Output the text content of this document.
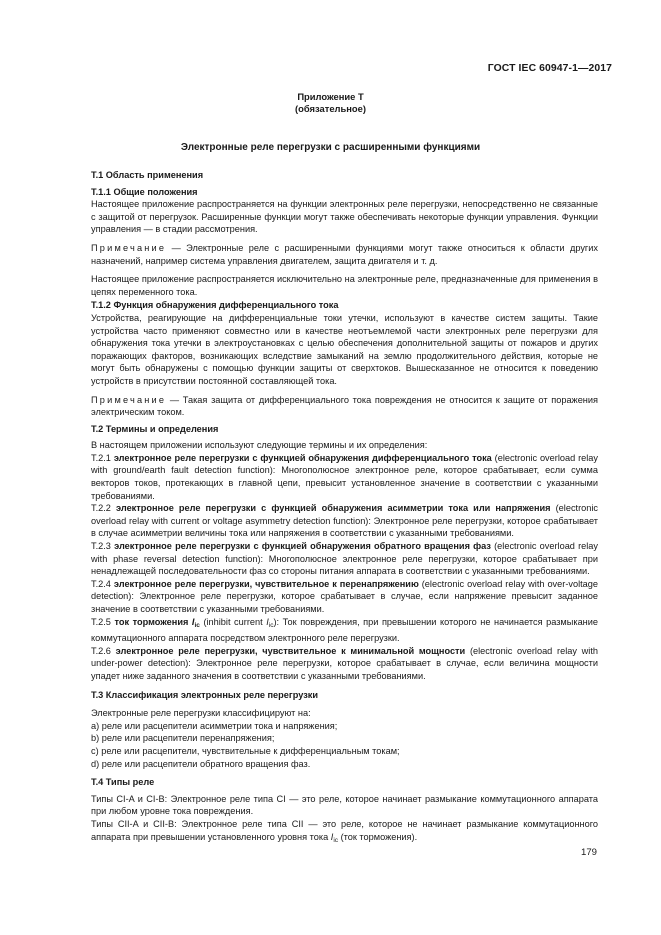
ГОСТ IEC 60947-1—2017
Приложение Т
(обязательное)
Электронные реле перегрузки с расширенными функциями

Т.1 Область применения

Т.1.1 Общие положения

Настоящее приложение распространяется на функции электронных реле перегрузки, непосредственно не связанные с защитой от перегрузок. Расширенные функции могут также обеспечивать некоторые функции управления. Функции управления — в стадии рассмотрения.

Примечание — Электронные реле с расширенными функциями могут также относиться к области других назначений, например система управления двигателем, защита двигателя и т. д.

Настоящее приложение распространяется исключительно на электронные реле, предназначенные для применения в цепях переменного тока.

Т.1.2 Функция обнаружения дифференциального тока

Устройства, реагирующие на дифференциальные токи утечки, используют в качестве систем защиты. Такие устройства часто применяют совместно или в качестве неотъемлемой части электронных реле перегрузки для обнаружения тока утечки в электроустановках с целью обеспечения дополнительной защиты от пожаров и других поражающих факторов, возникающих вследствие замыканий на землю продолжительного действия, которые не могут быть обнаружены с помощью функции защиты от сверхтоков. Вышесказанное не относится к поведению устройств в присутствии постоянной составляющей тока.

Примечание — Такая защита от дифференциального тока повреждения не относится к защите от поражения электрическим током.

Т.2 Термины и определения

В настоящем приложении используют следующие термины и их определения:

Т.2.1 электронное реле перегрузки с функцией обнаружения дифференциального тока (electronic overload relay with ground/earth fault detection function): Многополюсное электронное реле, которое срабатывает, если сумма векторов токов, протекающих в главной цепи, превысит установленное значение в соответствии с указанными требованиями.

Т.2.2 электронное реле перегрузки с функцией обнаружения асимметрии тока или напряжения (electronic overload relay with current or voltage asymmetry detection function): Электронное реле перегрузки, которое срабатывает в случае асимметрии величины тока или напряжения в соответствии с указанными требованиями.

Т.2.3 электронное реле перегрузки с функцией обнаружения обратного вращения фаз (electronic overload relay with phase reversal detection function): Многополюсное электронное реле перегрузки, которое срабатывает при ненадлежащей последовательности фаз со стороны питания аппарата в соответствии с указанными требованиями.

Т.2.4 электронное реле перегрузки, чувствительное к перенапряжению (electronic overload relay with over-voltage detection): Электронное реле перегрузки, которое срабатывает в случае, если напряжение превысит заданное значение в соответствии с указанными требованиями.

Т.2.5 ток торможения $I_{ic}$ (inhibit current $I_{ic}$): Ток повреждения, при превышении которого не начинается размыкание коммутационного аппарата посредством электронного реле перегрузки.

Т.2.6 электронное реле перегрузки, чувствительное к минимальной мощности (electronic overload relay with under-power detection): Электронное реле перегрузки, которое срабатывает в случае, если величина мощности упадет ниже заданного значения в соответствии с указанными требованиями.

Т.3 Классификация электронных реле перегрузки

Электронные реле перегрузки классифицируют на:

a) реле или расцепители асимметрии тока и напряжения;

b) реле или расцепители перенапряжения;

c) реле или расцепители, чувствительные к дифференциальным токам;

d) реле или расцепители обратного вращения фаз.

Т.4 Типы реле

Типы CI-A и CI-B: Электронное реле типа CI — это реле, которое начинает размыкание коммутационного аппарата при любом уровне тока повреждения.

Типы CII-A и CII-B: Электронное реле типа CII — это реле, которое не начинает размыкание коммутационного аппарата при превышении установленного уровня тока $I_{ic}$ (ток торможения).

179
